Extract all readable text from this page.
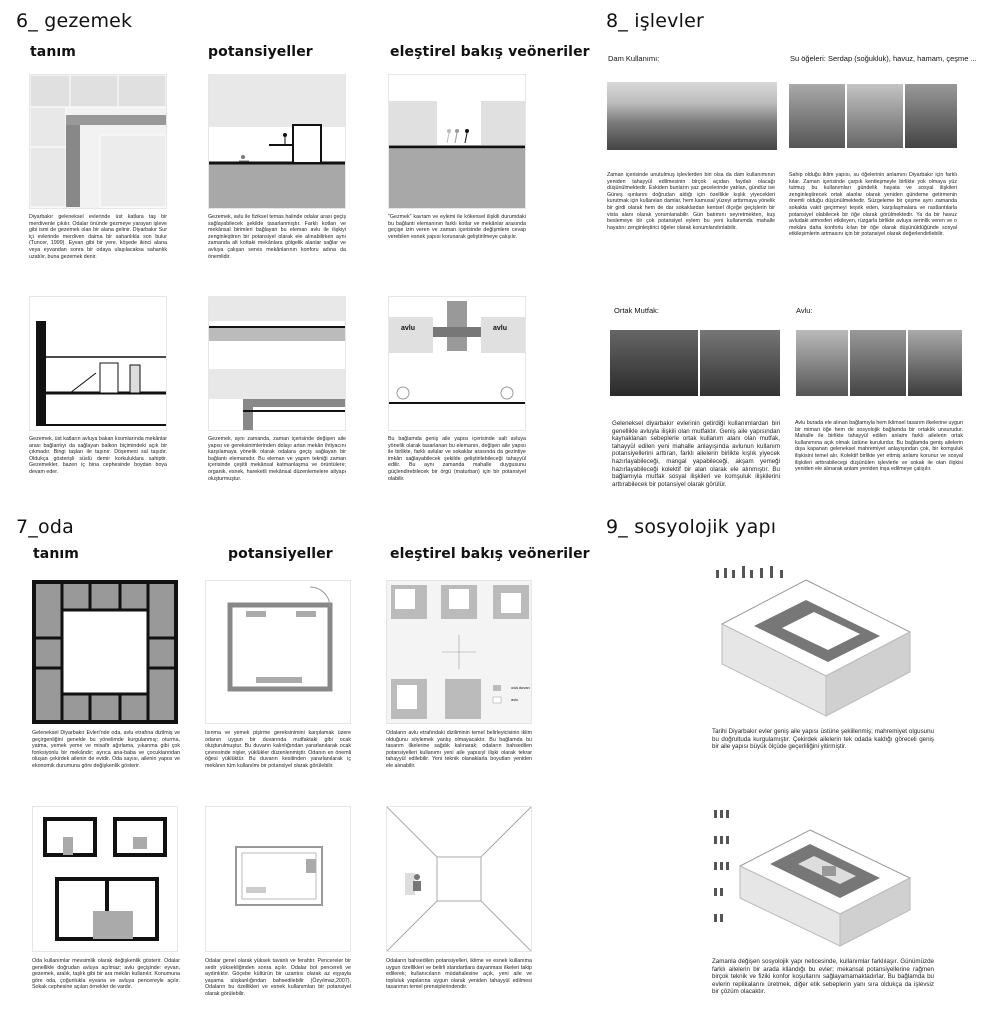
6_ gezemek
tanım	potansiyeller	eleştirel bakış veöneriler
Diyarbakır geleneksel evlerinde üst katlara taş bir merdivenle çıkılır. Odalar önünde gezmeye yarayan işleve gibi ismi de gezemek olan bir alana gelinir. Diyarbakır Sur içi evlerinde merdiven daima bir sahanlıkla son bulur (Tuncer, 1999). Eyvan gibi bir yere, köşede ikinci alana veya eyvandan sonra bir odaya ulaşılacaksa sahanlık uzatılır, buna gezemek denir.
Gezemek, avlu ile fiziksel temas halinde odalar arası geçiş sağlayabilecek şekilde tasarlanmıştır. Farklı kotları ve mekânsal birimleri bağlayan bu eleman avlu ile ilişkiyi zenginleştiren bir potansiyel olarak ele alınabilirken aynı zamanda alt kottaki mekânlara gölgelik alanlar sağlar ve avluya çalışan servis mekânlarının konforu adına da önemlidir.
"Gezmek" kavram ve eylemi ile kökensel ilişkili durumdaki bu bağlantı elemanının farklı kotlar ve mekânlar arasında geçişe izin veren ve zaman içerisinde değişmlere cevap verebilen esnek yapısı korunarak geliştirilmeye çalışılır.
avlu	avlu
Gezemek, üst katların avluya bakan kısımlarında mekânlar arası bağlantıyı da sağlayan balkon biçimindeki açık bir çıkmadır. Bingi taşları ile taşınır. Döşemesi sal taşıdır. Oldukça gösterişli süslü demir korkuluklara sahiptir. Gezemekler, bazen iç bina cephesinde boydan boya devam eder.
Gezemek, aynı zamanda, zaman içerisinde değişen aile yapısı ve gereksinimlerinden dolayı artan mekân ihtiyacını karşılamaya yönelik olarak odalara geçiş sağlayan bir bağlantı elemanıdır. Bu eleman ve yapım tekniği zaman içerisinde çeşitli mekânsal katmanlaşma ve örüntülere; organik, esnek, hareketli mekânsal düzenlemelere altyapı oluşturmuştur.
Bu bağlamda geniş aile yapısı içerisinde salt avluya yönelik olarak tasarlanan bu elemanın, değişen aile yapısı ile birlikte, farklı avlular ve sokaklar arasında da gezintiye imkân sağlayabilecek şekilde geliştirilebileceği tahayyül edilir. Bu aynı zamanda mahalle duygusunu güçlendirebilecek bir örgü (maturban) için bir potansiyel olabilir.
8_ işlevler
Dam Kullanımı:	Su öğeleri: Serdap (soğukluk), havuz, hamam, çeşme ...
Zaman içerisinde unutulmuş işlevlerden biri olsa da dam kullanımının yeniden tahayyül edilmesinin birçok açıdan faydalı olacağı düşünülmektedir. Eskiden bunların yaz gecelerinde yatılan, gündüz ise Güneş ışınlarını doğrudan aldığı için özellikle kışlık yiyecekleri kurutmak için kullanılan damlar, hem kamusal yüzeyi arttırmaya yönelik bir girdi olarak hem de dar sokaklardan kentsel ölçeğe geçişlerin bir vista alanı olarak yorumlanabilir. Gün batımını seyretmekten, kuş beslemeye bir çok potansiyel eylem bu yeni kullanımda mahalle hayatını zenginleştirici öğeler olarak konumlandırılabilir.
Sahip olduğu iklim yapısı, su öğelerinin anlamını Diyarbakır için farklı kılar. Zaman içerisinde çarpık kentleşmeyle birlikte yok olmaya yüz tutmuş bu kullanımları gündelik hayata ve sosyal ilişkileri zenginleştirecek ortak alanlar olarak yeniden gündeme getirmenin önemli olduğu düşünülmektedir. Süzgeleme bir çeşme aynı zamanda sokakta vakit geçirmeyi teşvik eden, karşılaşmalara ve rastlantılarla potansiyel olabilecek bir öğe olarak görülmektedir. Ya da bir havuz avludaki atmosferi etkileyen, rüzgarla birlikte avluya serinlik veren ve o mekânı daha konforlu kılan bir öğe olarak düşünüldüğünde sosyal etkileşimlerin artmasını için bir potansiyel olarak değerlendirilebilir.
Ortak Mutfak:	Avlu:
Geleneksel diyarbakır evlerinin getirdiği kullanımlardan biri genellikle avluyla ilişkili olan mutfaktır. Geniş aile yapısından kaynaklanan sebeplerle ortak kullanım alanı olan mutfak, tahayyül edilen yeni mahalle anlayışında avlunun kullanım potansiyellerini arttıran, farklı ailelerin birlikte kışlık yiyecek hazırlayabileceği, mangal yapabileceği, akşam yemeği hazırlayabileceği kolektif bir alan olarak ele alınmıştır. Bu bağlamıyla mutfak sosyal ilişkileri ve komşuluk ilişkilerini arttırabilecek bir potansiyel olarak görülür.
Avlu burada ele alınan bağlamıyla hem iklimsel tasarım ilkelerine uygun bir mimari öğe hem de sosyolojik bağlamda bir ortaklık unsurudur. Mahalle ile birlikte tahayyül edilen anlamı farklı ailelerin ortak kullanımına açık olmak üstüne kurulurdur. Bu bağlamda geniş ailelerin dışa kapanan geleneksel mahremiyet anlayışından çok, bir komşuluk ilişkisini temel alır. Kolektif birlikte yer ettmiş anlamı korunur ve sosyal ilişkileri arttırabilecegi düşünülen işlevlerle ve sokak ile olan ilişkisi yeniden ele alınarak anlam yeniden inşa edilmeye çalışılır.
7_oda
tanım	potansiyeller	eleştirel bakış veöneriler
oda duvarı
avlu
Geleneksel Diyarbakır Evleri'nde oda, avlu etrafına dizilmiş ve geçirgenliğini genelde bu yönelimde kurgulanmış; oturma, yatma, yemek yeme ve misafir ağırlama, yıkanma gibi çok fonksiyonlu bir mekândır; ayrıca ana-baba ve çocuklarından oluşan çekirdek ailenin de evidir. Oda sayısı, ailenin yapısı ve ekonomik durumuna göre değişkenlik gösterir.
Isınma ve yemek pişirme gereksinimini karşılamak üzere odanın uygun bir duvarında mutfaktaki gibi ocak oluşturulmuştur. Bu duvarın kalınlığından yararlanılarak ocak çevresinde nişler, yüklükler düzenlenmiştir. Odanın en önemli öğesi yüklüktür. Bu duvarın kesitinden yararlanılarak iç mekânın tüm kullanılmı bir potansiyel olarak görülebilir.
Odaların avlu etrafındaki diziliminin temel belirleyicisinin iklim olduğunu söylemek yanlış olmayacaktır. Bu bağlamda bu tasarım ilkelerine sağdık kalınarak; odaların bahsedilen potansiyelleri kullanımı yeni aile yapısıyl ilişki olarak tekrar tahayyül edilebilir. Yeni teknik olanaklarla boyutları yeniden ele alınabilir.
Oda kullanımlar mevsimlik olarak değişkenlik gösterir. Odalar genellikle doğrudan avluya açılmaz; avlu geçişinde: eyvan, gezemek, aralık, taşlık gibi bir ara mekân kullanılır. Konumuna göre oda, çoğunlukla eyvana ve avluya pencereyle açılır. Sokak cephesine açılan örnekler de vardır.
Odalar genel olarak yüksek tavanlı ve ferahtır. Pencereler bir sedir yüksekliğinden sonra açılır. Odalar bol pencereli ve aydınlıktır. Göçebe kültürün bir uzantısı olarak az eşyayla yaşama alışkanlığından bahsedilebilir (Özyılmaz,2007). Odaların bu özellikleri ve esnek kullanımları bir potansiyel olarak görülebilir.
Odaların bahsedilen potansiyelleri, iklime ve esnek kullanıma uygun özellikleri ve belirli standartlara dayanması ilkeleri takip edilerek; kullanıcıların müdahalesine açık, yeni aile ve topluluk yapılarına uygun olarak yeniden tahayyül edilmesi tasarımın temel prensiplerindendir.
9_ sosyolojik yapı
Tarihi Diyarbakır evler geniş aile yapısı üstüne şekillenmiş; mahremiyet olgusunu bu doğrultuda kurgulamıştır. Çekirdek ailelerin tek odada kaldığı göreceli geniş bir aile yapısı büyük ölçüde geçerliliğini yitirmiştir.
Zamanla değişen sosyolojik yapı neticesinde, kullanımlar farklılaşır. Günümüzde farklı ailelerin bir arada kllandığı bu evler; mekansal potansiyellerine rağmen birçok teknik ve fiziki konfor koşullarını sağlayamamaktadırlar. Bu bağlamda bu evlerin replikalarını üretmek, diğer etik sebeplerin yanı sıra oldukça da işlevsiz bir çözüm olacaktır.
